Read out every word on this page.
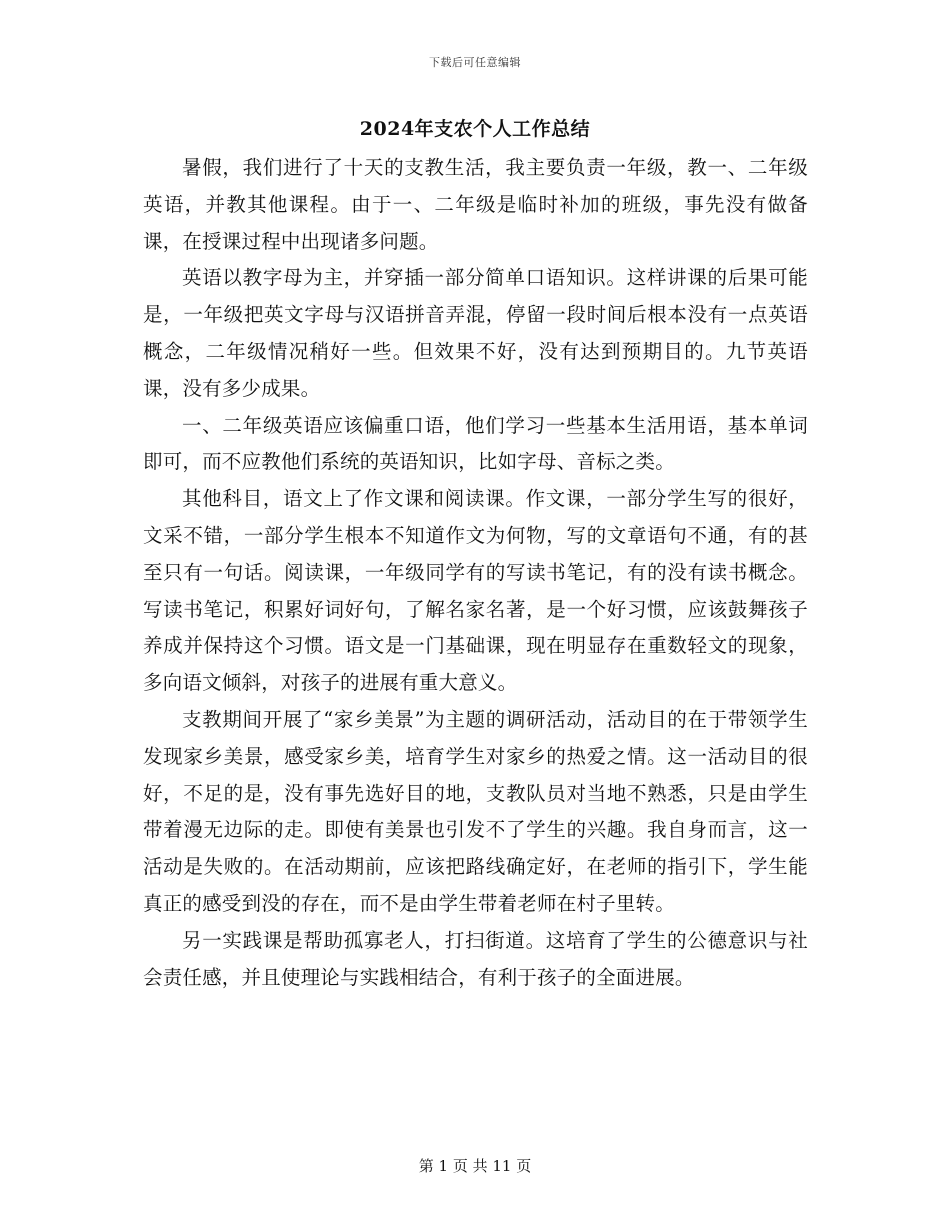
下载后可任意编辑
2024年支农个人工作总结

暑假，我们进行了十天的支教生活，我主要负责一年级，教一、二年级英语，并教其他课程。由于一、二年级是临时补加的班级，事先没有做备课，在授课过程中出现诸多问题。

英语以教字母为主，并穿插一部分简单口语知识。这样讲课的后果可能是，一年级把英文字母与汉语拼音弄混，停留一段时间后根本没有一点英语概念，二年级情况稍好一些。但效果不好，没有达到预期目的。九节英语课，没有多少成果。

一、二年级英语应该偏重口语，他们学习一些基本生活用语，基本单词即可，而不应教他们系统的英语知识，比如字母、音标之类。

其他科目，语文上了作文课和阅读课。作文课，一部分学生写的很好，文采不错，一部分学生根本不知道作文为何物，写的文章语句不通，有的甚至只有一句话。阅读课，一年级同学有的写读书笔记，有的没有读书概念。写读书笔记，积累好词好句，了解名家名著，是一个好习惯，应该鼓舞孩子养成并保持这个习惯。语文是一门基础课，现在明显存在重数轻文的现象，多向语文倾斜，对孩子的进展有重大意义。

支教期间开展了“家乡美景”为主题的调研活动，活动目的在于带领学生发现家乡美景，感受家乡美，培育学生对家乡的热爱之情。这一活动目的很好，不足的是，没有事先选好目的地，支教队员对当地不熟悉，只是由学生带着漫无边际的走。即使有美景也引发不了学生的兴趣。我自身而言，这一活动是失败的。在活动期前，应该把路线确定好，在老师的指引下，学生能真正的感受到没的存在，而不是由学生带着老师在村子里转。

另一实践课是帮助孤寡老人，打扫街道。这培育了学生的公德意识与社会责任感，并且使理论与实践相结合，有利于孩子的全面进展。

第 1 页 共 11 页
